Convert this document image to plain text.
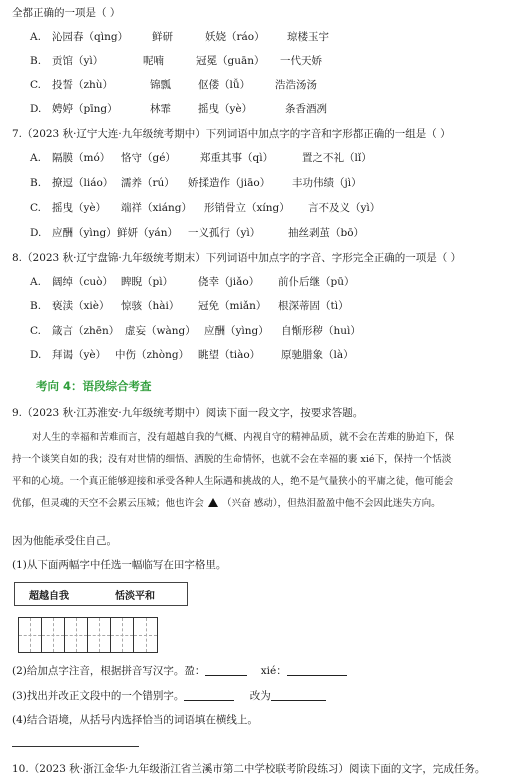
全都正确的一项是（ ）
A. 沁园春（qìng） 鲜研	妖娆（ráo） 琼楼玉宇
B. 贡馆（yì）	呢喃	冠冕（guān） 一代天娇
C. 投誓（zhù）	锦瓢	伛偻（lǚ） 浩浩汤汤
D. 娉婷（pīng）	林霏	摇曳（yè）	条香酒冽
7.（2023 秋·辽宁大连·九年级统考期中）下列词语中加点字的字音和字形都正确的一组是（ ）
A. 隔膜（mó） 恪守（gé） 郑重其事（qì）	置之不礼（lǐ）
B. 撩逗（liáo） 濡养（rú） 娇揉造作（jiāo） 丰功伟绩（jì）
C. 摇曳（yè） 端祥（xiáng） 形销骨立（xíng） 言不及义（yì）
D. 应酬（yìng） 鲜妍（yán） 一义孤行（yì）	抽丝剥茧（bō）
8.（2023 秋·辽宁盘锦·九年级统考期末）下列词语中加点字的字音、字形完全正确的一项是（ ）
A. 阔绰（cuò） 睥睨（pì） 侥幸（jiǎo） 前仆后继（pū）
B. 亵渎（xiè） 惊骇（hài） 冠免（miǎn） 根深蒂固（tì）
C. 箴言（zhēn） 虚妄（wàng） 应酬（yìng） 自惭形秽（huì）
D. 拜谒（yè） 中伤（zhòng） 眺望（tiào） 原驰腊象（là）
考向 4：语段综合考查
9.（2023 秋·江苏淮安·九年级统考期中）阅读下面一段文字，按要求答题。
对人生的幸福和苦难而言，没有超越自我的气概、内视自守的精神品质，就不会在苦难的胁迫下，保
持一个谈笑自如的我；没有对世情的细悟、洒脱的生命情怀，也就不会在幸福的裹 xié下，保持一个恬淡
平和的心境。一个真正能够迎接和承受各种人生际遇和挑战的人，绝不是气量狭小的平庸之徒，他可能会
优郁，但灵魂的天空不会累云压城；他也许会 （兴奋 感动），但热泪盈盈中他不会因此迷失方向。
因为他能承受住自己。
(1)从下面两幅字中任选一幅临写在田字格里。
超越自我	恬淡平和
(2)给加点字注音，根据拼音写汉字。盈：	xié：
(3)找出并改正文段中的一个错别字。	改为
(4)结合语境，从括号内选择恰当的词语填在横线上。
10.（2023 秋·浙江金华·九年级浙江省兰溪市第二中学校联考阶段练习）阅读下面的文字，完成任务。
